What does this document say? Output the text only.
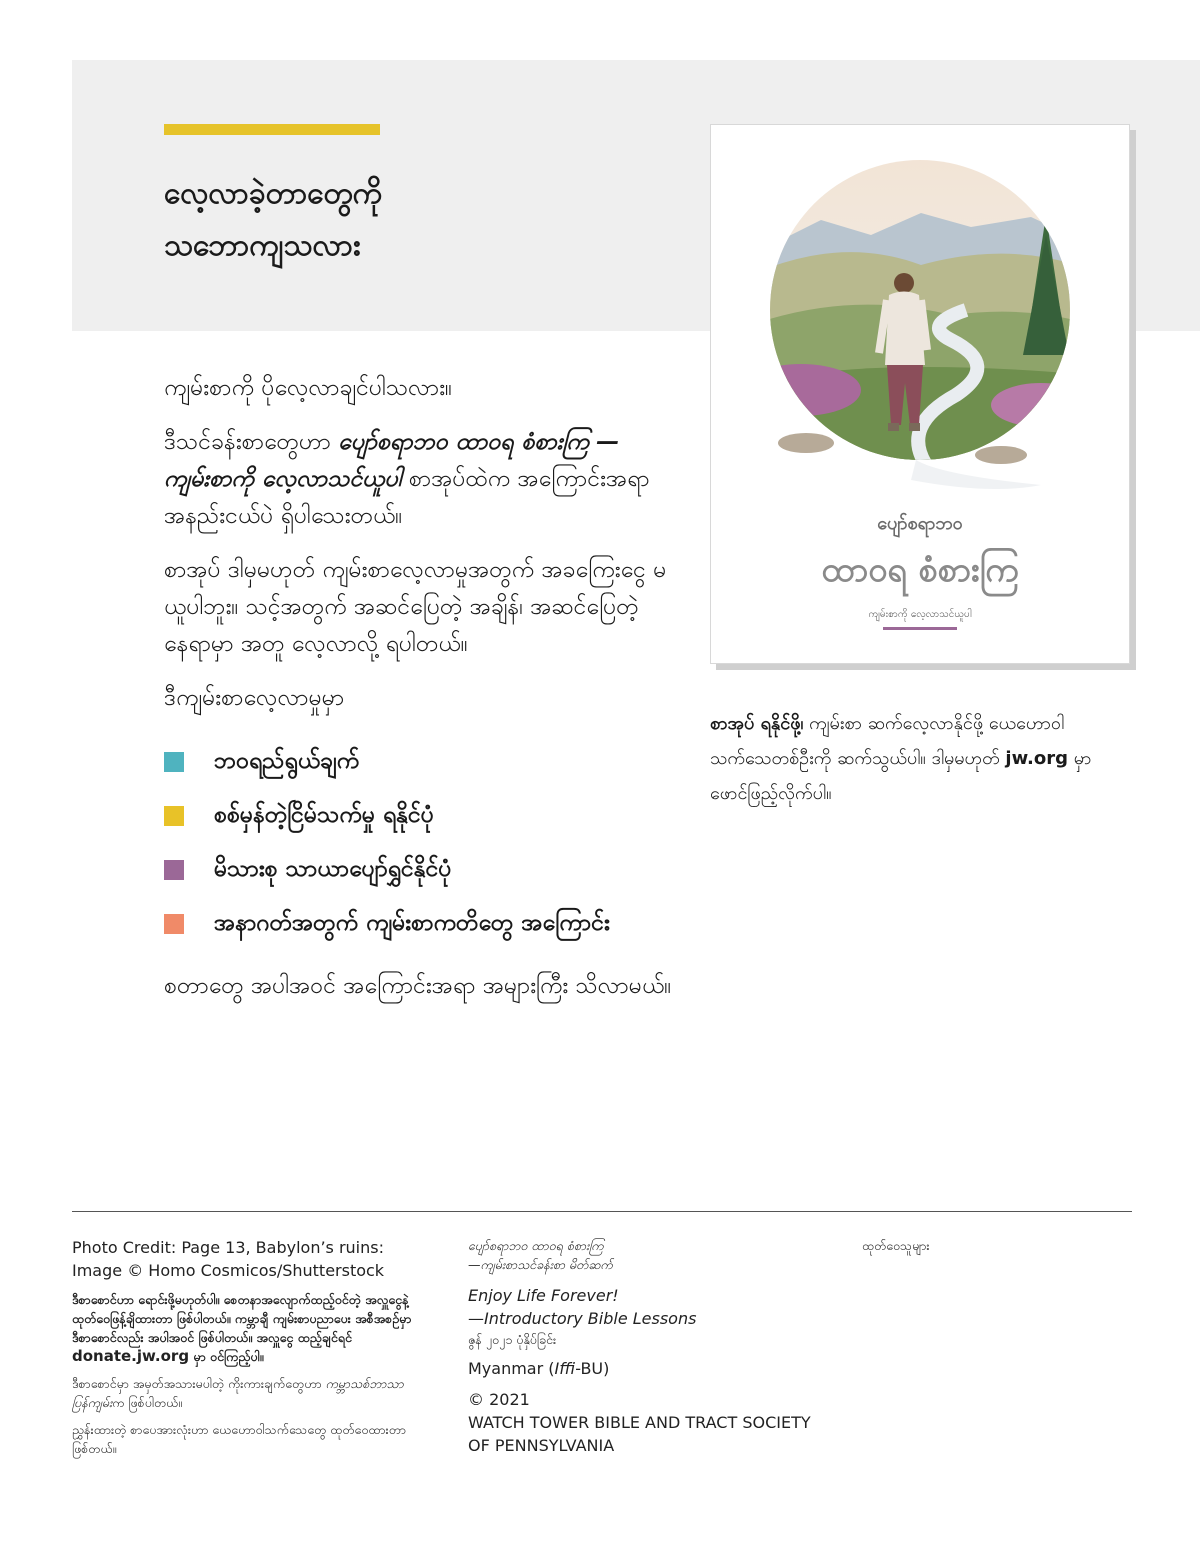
လေ့လာခဲ့တာတွေကို
သဘောကျသလား

ကျမ်းစာကို ပိုလေ့လာချင်ပါသလား။

ဒီသင်ခန်းစာတွေဟာ ပျော်စရာဘဝ ထာဝရ စံစားကြ —ကျမ်းစာကို လေ့လာသင်ယူပါ စာအုပ်ထဲက အကြောင်းအရာ အနည်းငယ်ပဲ ရှိပါသေးတယ်။

စာအုပ် ဒါမှမဟုတ် ကျမ်းစာလေ့လာမှုအတွက် အခကြေးငွေ မယူပါဘူး။ သင့်အတွက် အဆင်ပြေတဲ့ အချိန်၊ အဆင်ပြေတဲ့နေရာမှာ အတူ လေ့လာလို့ ရပါတယ်။

ဒီကျမ်းစာလေ့လာမှုမှာ

ဘဝရည်ရွယ်ချက်
စစ်မှန်တဲ့ငြိမ်သက်မှု ရနိုင်ပုံ
မိသားစု သာယာပျော်ရွှင်နိုင်ပုံ
အနာဂတ်အတွက် ကျမ်းစာကတိတွေ အကြောင်း

စတာတွေ အပါအဝင် အကြောင်းအရာ အများကြီး သိလာမယ်။

ပျော်စရာဘဝ
ထာဝရ စံစားကြ
ကျမ်းစာကို လေ့လာသင်ယူပါ
စာအုပ် ရနိုင်ဖို့၊ ကျမ်းစာ ဆက်လေ့လာနိုင်ဖို့ ယေဟောဝါသက်သေတစ်ဦးကို ဆက်သွယ်ပါ။ ဒါမှမဟုတ် jw.org မှာ ဖောင်ဖြည့်လိုက်ပါ။

Photo Credit: Page 13, Babylon’s ruins:
Image © Homo Cosmicos/Shutterstock

ဒီစာစောင်ဟာ ရောင်းဖို့မဟုတ်ပါ။ စေတနာအလျောက်ထည့်ဝင်တဲ့ အလှူငွေနဲ့ ထုတ်ဝေဖြန့်ချိထားတာ ဖြစ်ပါတယ်။ ကမ္ဘာချီ ကျမ်းစာပညာပေး အစီအစဉ်မှာ ဒီစာစောင်လည်း အပါအဝင် ဖြစ်ပါတယ်။ အလှူငွေ ထည့်ချင်ရင် donate.jw.org မှာ ဝင်ကြည့်ပါ။

ဒီစာစောင်မှာ အမှတ်အသားမပါတဲ့ ကိုးကားချက်တွေဟာ ကမ္ဘာသစ်ဘာသာပြန်ကျမ်းက ဖြစ်ပါတယ်။

ညွှန်းထားတဲ့ စာပေအားလုံးဟာ ယေဟောဝါသက်သေတွေ ထုတ်ဝေထားတာ ဖြစ်တယ်။

ပျော်စရာဘဝ ထာဝရ စံစားကြ
—ကျမ်းစာသင်ခန်းစာ မိတ်ဆက်

Enjoy Life Forever!
—Introductory Bible Lessons

ဇွန် ၂၀၂၁ ပုံနှိပ်ခြင်း

Myanmar (Iffi-BU)

© 2021
WATCH TOWER BIBLE AND TRACT SOCIETY
OF PENNSYLVANIA

ထုတ်ဝေသူများ
